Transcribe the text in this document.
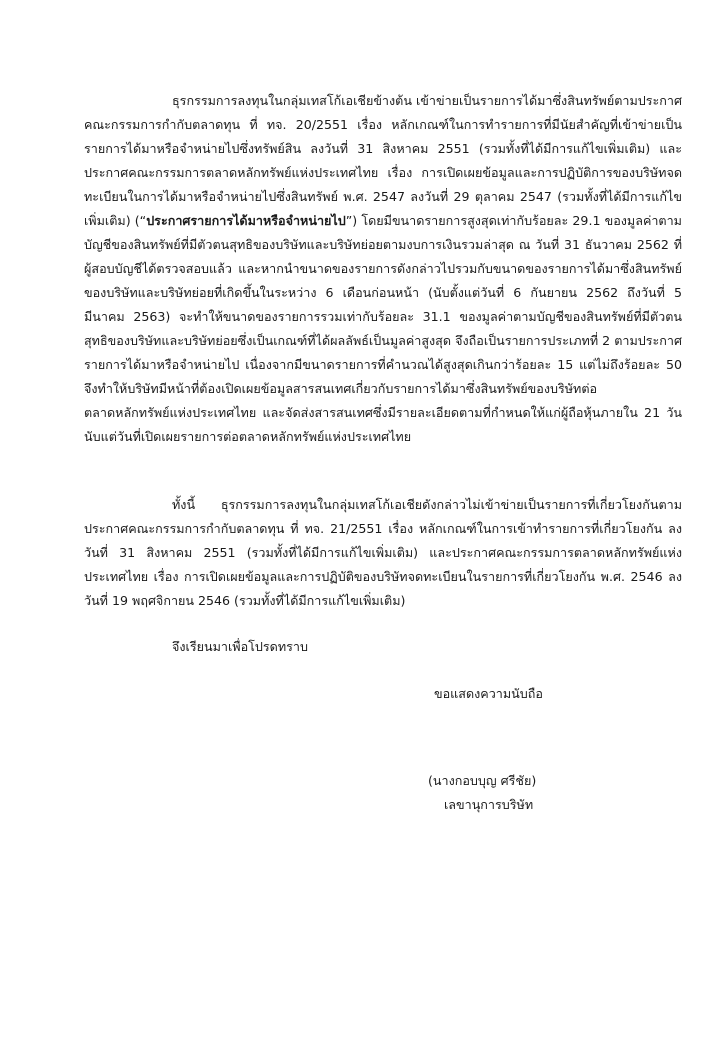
ธุรกรรมการลงทุนในกลุ่มเทสโก้เอเชียข้างต้น เข้าข่ายเป็นรายการได้มาซึ่งสินทรัพย์ตามประกาศคณะกรรมการกำกับตลาดทุน ที่ ทจ. 20/2551 เรื่อง หลักเกณฑ์ในการทำรายการที่มีนัยสำคัญที่เข้าข่ายเป็นรายการได้มาหรือจำหน่ายไปซึ่งทรัพย์สิน ลงวันที่ 31 สิงหาคม 2551 (รวมทั้งที่ได้มีการแก้ไขเพิ่มเติม) และประกาศคณะกรรมการตลาดหลักทรัพย์แห่งประเทศไทย เรื่อง การเปิดเผยข้อมูลและการปฏิบัติการของบริษัทจดทะเบียนในการได้มาหรือจำหน่ายไปซึ่งสินทรัพย์ พ.ศ. 2547 ลงวันที่ 29 ตุลาคม 2547 (รวมทั้งที่ได้มีการแก้ไขเพิ่มเติม) (“ประกาศรายการได้มาหรือจำหน่ายไป”) โดยมีขนาดรายการสูงสุดเท่ากับร้อยละ 29.1 ของมูลค่าตามบัญชีของสินทรัพย์ที่มีตัวตนสุทธิของบริษัทและบริษัทย่อยตามงบการเงินรวมล่าสุด ณ วันที่ 31 ธันวาคม 2562 ที่ผู้สอบบัญชีได้ตรวจสอบแล้ว และหากนำขนาดของรายการดังกล่าวไปรวมกับขนาดของรายการได้มาซึ่งสินทรัพย์ของบริษัทและบริษัทย่อยที่เกิดขึ้นในระหว่าง 6 เดือนก่อนหน้า (นับตั้งแต่วันที่ 6 กันยายน 2562 ถึงวันที่ 5 มีนาคม 2563) จะทำให้ขนาดของรายการรวมเท่ากับร้อยละ 31.1 ของมูลค่าตามบัญชีของสินทรัพย์ที่มีตัวตนสุทธิของบริษัทและบริษัทย่อยซึ่งเป็นเกณฑ์ที่ได้ผลลัพธ์เป็นมูลค่าสูงสุด จึงถือเป็นรายการประเภทที่ 2 ตามประกาศรายการได้มาหรือจำหน่ายไป เนื่องจากมีขนาดรายการที่คำนวณได้สูงสุดเกินกว่าร้อยละ 15 แต่ไม่ถึงร้อยละ 50 จึงทำให้บริษัทมีหน้าที่ต้องเปิดเผยข้อมูลสารสนเทศเกี่ยวกับรายการได้มาซึ่งสินทรัพย์ของบริษัทต่อตลาดหลักทรัพย์แห่งประเทศไทย และจัดส่งสารสนเทศซึ่งมีรายละเอียดตามที่กำหนดให้แก่ผู้ถือหุ้นภายใน 21 วัน นับแต่วันที่เปิดเผยรายการต่อตลาดหลักทรัพย์แห่งประเทศไทย

ทั้งนี้ ธุรกรรมการลงทุนในกลุ่มเทสโก้เอเชียดังกล่าวไม่เข้าข่ายเป็นรายการที่เกี่ยวโยงกันตามประกาศคณะกรรมการกำกับตลาดทุน ที่ ทจ. 21/2551 เรื่อง หลักเกณฑ์ในการเข้าทำรายการที่เกี่ยวโยงกัน ลงวันที่ 31 สิงหาคม 2551 (รวมทั้งที่ได้มีการแก้ไขเพิ่มเติม) และประกาศคณะกรรมการตลาดหลักทรัพย์แห่งประเทศไทย เรื่อง การเปิดเผยข้อมูลและการปฏิบัติของบริษัทจดทะเบียนในรายการที่เกี่ยวโยงกัน พ.ศ. 2546 ลงวันที่ 19 พฤศจิกายน 2546 (รวมทั้งที่ได้มีการแก้ไขเพิ่มเติม)

จึงเรียนมาเพื่อโปรดทราบ
ขอแสดงความนับถือ
(นางกอบบุญ ศรีชัย)
เลขานุการบริษัท
